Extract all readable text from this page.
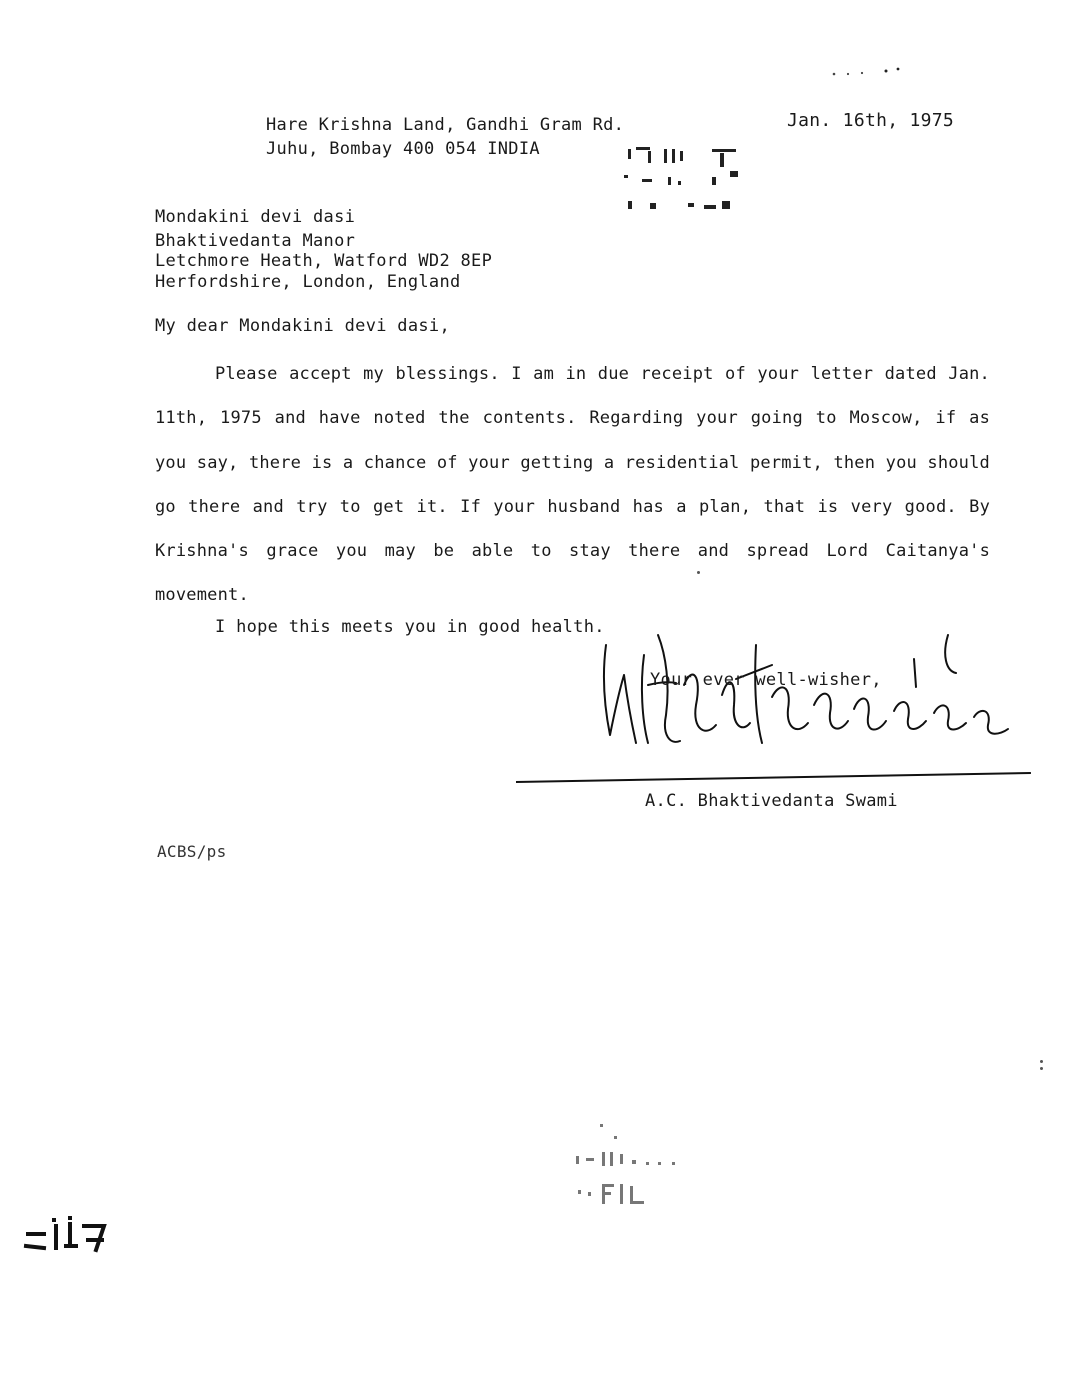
Hare Krishna Land, Gandhi Gram Rd.
Juhu, Bombay 400 054 INDIA
Jan. 16th, 1975
Mondakini devi dasi
Bhaktivedanta Manor
Letchmore Heath, Watford WD2 8EP
Herfordshire, London, England
My dear Mondakini devi dasi,
Please accept my blessings. I am in due receipt of your letter dated Jan. 11th, 1975 and have noted the contents. Regarding your going to Moscow, if as you say, there is a chance of your getting a residential permit, then you should go there and try to get it. If your husband has a plan, that is very good. By Krishna's grace you may be able to stay there and spread Lord Caitanya's movement.
I hope this meets you in good health.
Your ever well-wisher,
A.C. Bhaktivedanta Swami
ACBS/ps
